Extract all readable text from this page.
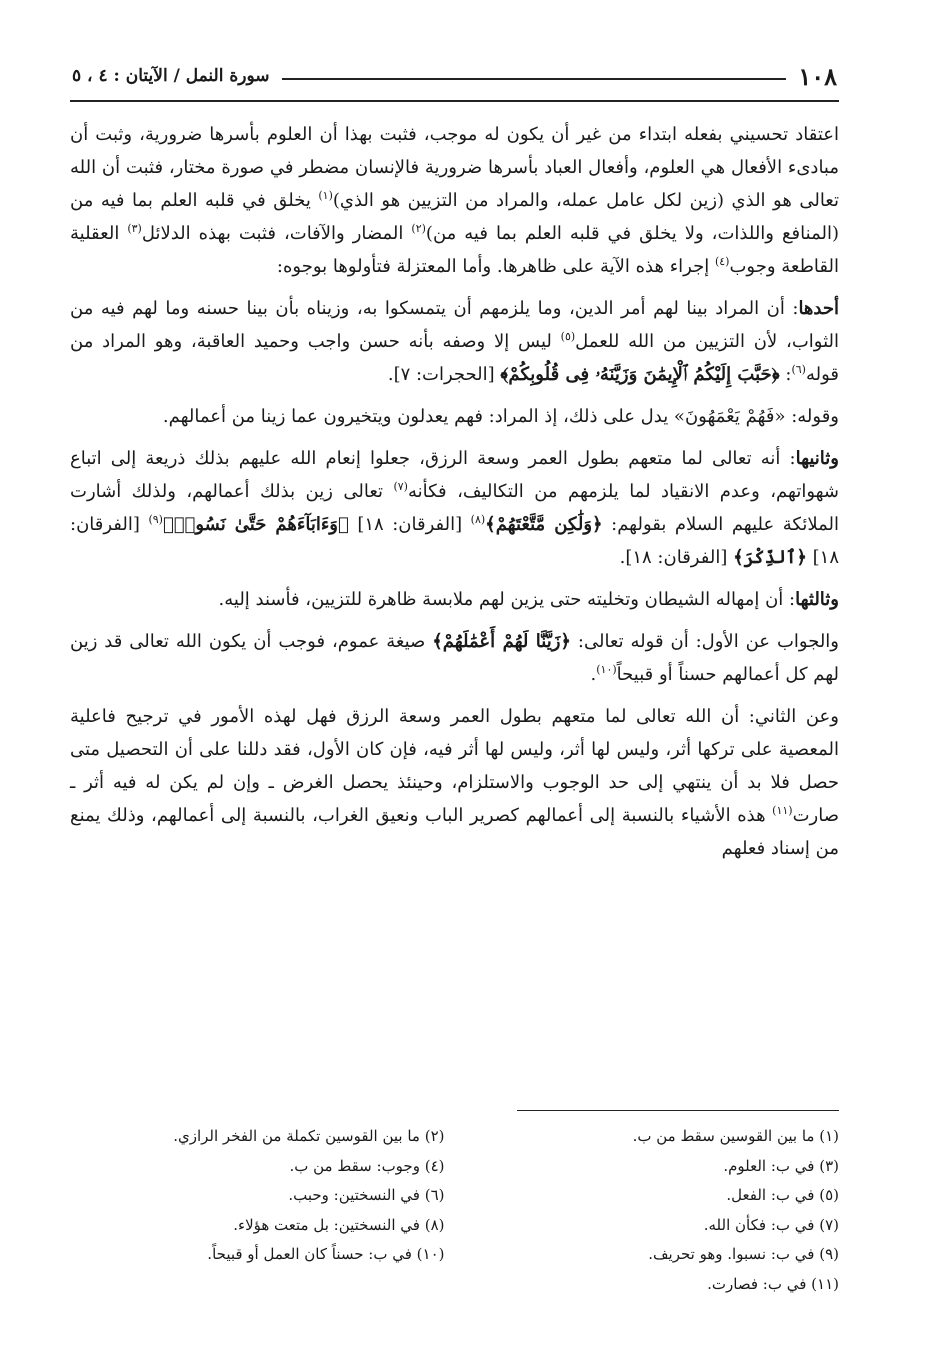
١٠٨
سورة النمل / الآيتان : ٤ ، ٥

اعتقاد تحسيني بفعله ابتداء من غير أن يكون له موجب، فثبت بهذا أن العلوم بأسرها ضرورية، وثبت أن مبادىء الأفعال هي العلوم، وأفعال العباد بأسرها ضرورية فالإنسان مضطر في صورة مختار، فثبت أن الله تعالى هو الذي (زين لكل عامل عمله، والمراد من التزيين هو الذي)$^{(١)}$ يخلق في قلبه العلم بما فيه من (المنافع واللذات، ولا يخلق في قلبه العلم بما فيه من)$^{(٢)}$ المضار والآفات، فثبت بهذه الدلائل$^{(٣)}$ العقلية القاطعة وجوب$^{(٤)}$ إجراء هذه الآية على ظاهرها. وأما المعتزلة فتأولوها بوجوه:

أحدها: أن المراد بينا لهم أمر الدين، وما يلزمهم أن يتمسكوا به، وزيناه بأن بينا حسنه وما لهم فيه من الثواب، لأن التزيين من الله للعمل$^{(٥)}$ ليس إلا وصفه بأنه حسن واجب وحميد العاقبة، وهو المراد من قوله$^{(٦)}$: ﴿حَبَّبَ إِلَيْكُمُ ٱلْإِيمَٰنَ وَزَيَّنَهُۥ فِى قُلُوبِكُمْ﴾ [الحجرات: ٧].

وقوله: «فَهُمْ يَعْمَهُونَ» يدل على ذلك، إذ المراد: فهم يعدلون ويتخيرون عما زينا من أعمالهم.

وثانيها: أنه تعالى لما متعهم بطول العمر وسعة الرزق، جعلوا إنعام الله عليهم بذلك ذريعة إلى اتباع شهواتهم، وعدم الانقياد لما يلزمهم من التكاليف، فكأنه$^{(٧)}$ تعالى زين بذلك أعمالهم، ولذلك أشارت الملائكة عليهم السلام بقولهم: ﴿وَلَٰكِن مَّتَّعْتَهُمْ﴾$^{(٨)}$ [الفرقان: ١٨] ﴿وَءَابَآءَهُمْ حَتَّىٰ نَسُوا۟﴾$^{(٩)}$ [الفرقان: ١٨] ﴿ٱلذِّكْرَ﴾ [الفرقان: ١٨].

وثالثها: أن إمهاله الشيطان وتخليته حتى يزين لهم ملابسة ظاهرة للتزيين، فأسند إليه.

والجواب عن الأول: أن قوله تعالى: ﴿زَيَّنَّا لَهُمْ أَعْمَٰلَهُمْ﴾ صيغة عموم، فوجب أن يكون الله تعالى قد زين لهم كل أعمالهم حسناً أو قبيحاً$^{(١٠)}$.

وعن الثاني: أن الله تعالى لما متعهم بطول العمر وسعة الرزق فهل لهذه الأمور في ترجيح فاعلية المعصية على تركها أثر، وليس لها أثر، وليس لها أثر فيه، فإن كان الأول، فقد دللنا على أن التحصيل متى حصل فلا بد أن ينتهي إلى حد الوجوب والاستلزام، وحينئذ يحصل الغرض ـ وإن لم يكن له فيه أثر ـ صارت$^{(١١)}$ هذه الأشياء بالنسبة إلى أعمالهم كصرير الباب ونعيق الغراب، بالنسبة إلى أعمالهم، وذلك يمنع من إسناد فعلهم

(١) ما بين القوسين سقط من ب.
(٢) ما بين القوسين تكملة من الفخر الرازي.
(٣) في ب: العلوم.
(٤) وجوب: سقط من ب.
(٥) في ب: الفعل.
(٦) في النسختين: وحبب.
(٧) في ب: فكأن الله.
(٨) في النسختين: بل متعت هؤلاء.
(٩) في ب: نسبوا. وهو تحريف.
(١٠) في ب: حسناً كان العمل أو قبيحاً.
(١١) في ب: فصارت.
